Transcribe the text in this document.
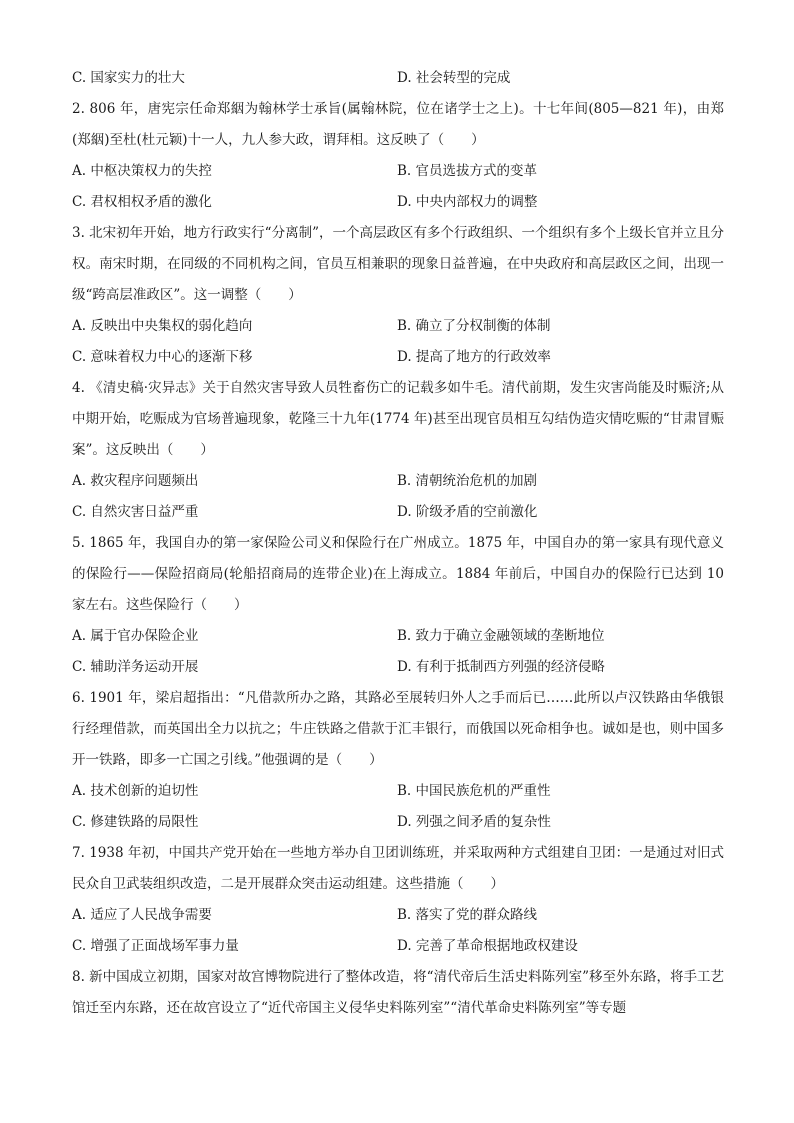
C. 国家实力的壮大	D. 社会转型的完成

2. 806 年，唐宪宗任命郑絪为翰林学士承旨(属翰林院，位在诸学士之上)。十七年间(805—821 年)，由郑(郑絪)至杜(杜元颖)十一人，九人参大政，谓拜相。这反映了（　　）

A. 中枢决策权力的失控	B. 官员选拔方式的变革
C. 君权相权矛盾的激化	D. 中央内部权力的调整

3. 北宋初年开始，地方行政实行“分离制”，一个高层政区有多个行政组织、一个组织有多个上级长官并立且分权。南宋时期，在同级的不同机构之间，官员互相兼职的现象日益普遍，在中央政府和高层政区之间，出现一级“跨高层准政区”。这一调整（　　）

A. 反映出中央集权的弱化趋向	B. 确立了分权制衡的体制
C. 意味着权力中心的逐渐下移	D. 提高了地方的行政效率

4. 《清史稿·灾异志》关于自然灾害导致人员牲畜伤亡的记载多如牛毛。清代前期，发生灾害尚能及时赈济;从中期开始，吃赈成为官场普遍现象，乾隆三十九年(1774 年)甚至出现官员相互勾结伪造灾情吃赈的“甘肃冒赈案”。这反映出（　　）

A. 救灾程序问题频出	B. 清朝统治危机的加剧
C. 自然灾害日益严重	D. 阶级矛盾的空前激化

5. 1865 年，我国自办的第一家保险公司义和保险行在广州成立。1875 年，中国自办的第一家具有现代意义的保险行——保险招商局(轮船招商局的连带企业)在上海成立。1884 年前后，中国自办的保险行已达到 10 家左右。这些保险行（　　）

A. 属于官办保险企业	B. 致力于确立金融领域的垄断地位
C. 辅助洋务运动开展	D. 有利于抵制西方列强的经济侵略

6. 1901 年，梁启超指出：“凡借款所办之路，其路必至展转归外人之手而后已……此所以卢汉铁路由华俄银行经理借款，而英国出全力以抗之；牛庄铁路之借款于汇丰银行，而俄国以死命相争也。诚如是也，则中国多开一铁路，即多一亡国之引线。”他强调的是（　　）

A. 技术创新的迫切性	B. 中国民族危机的严重性
C. 修建铁路的局限性	D. 列强之间矛盾的复杂性

7. 1938 年初，中国共产党开始在一些地方举办自卫团训练班，并采取两种方式组建自卫团：一是通过对旧式民众自卫武装组织改造，二是开展群众突击运动组建。这些措施（　　）

A. 适应了人民战争需要	B. 落实了党的群众路线
C. 增强了正面战场军事力量	D. 完善了革命根据地政权建设

8. 新中国成立初期，国家对故宫博物院进行了整体改造，将“清代帝后生活史料陈列室”移至外东路，将手工艺馆迁至内东路，还在故宫设立了“近代帝国主义侵华史料陈列室”“清代革命史料陈列室”等专题
